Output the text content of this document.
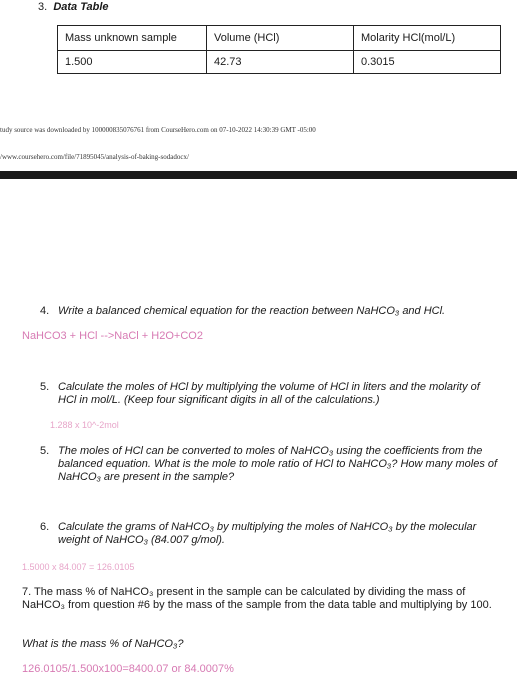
3. Data Table
Mass unknown sample	Volume (HCl)	Molarity HCl(mol/L)
1.500	42.73	0.3015
tudy source was downloaded by 100000835076761 from CourseHero.com on 07-10-2022 14:30:39 GMT -05:00
/www.coursehero.com/file/71895045/analysis-of-baking-sodadocx/
4. Write a balanced chemical equation for the reaction between NaHCO₃ and HCl.
NaHCO3 + HCl -->NaCl + H2O+CO2
5. Calculate the moles of HCl by multiplying the volume of HCl in liters and the molarity of HCl in mol/L. (Keep four significant digits in all of the calculations.)
1.288 x 10^-2mol
5. The moles of HCl can be converted to moles of NaHCO₃ using the coefficients from the balanced equation. What is the mole to mole ratio of HCl to NaHCO₃? How many moles of NaHCO₃ are present in the sample?
6. Calculate the grams of NaHCO₃ by multiplying the moles of NaHCO₃ by the molecular weight of NaHCO₃ (84.007 g/mol).
1.5000 x 84.007 = 126.0105
7. The mass % of NaHCO₃ present in the sample can be calculated by dividing the mass of NaHCO₃ from question #6 by the mass of the sample from the data table and multiplying by 100.
What is the mass % of NaHCO₃?
126.0105/1.500x100=8400.07 or 84.0007%
